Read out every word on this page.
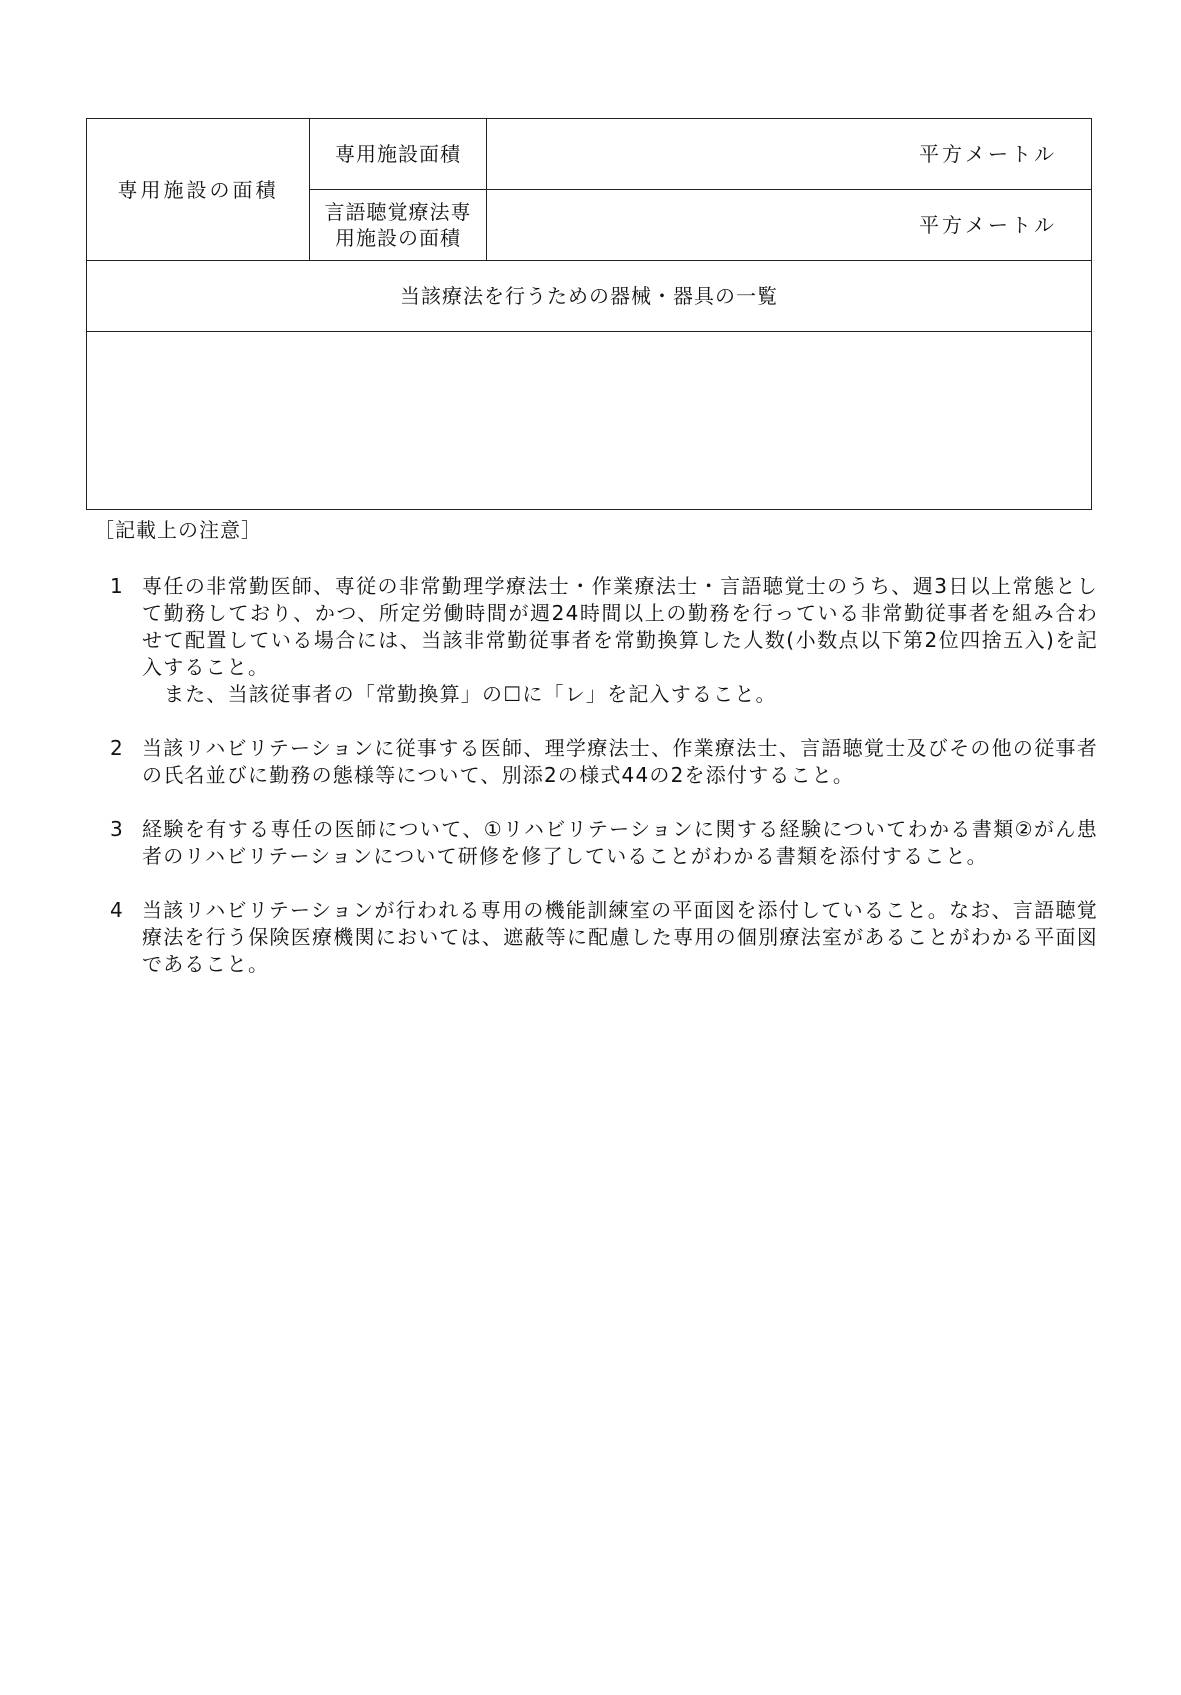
専用施設の面積	専用施設面積	平方メートル

	言語聴覚療法専用施設の面積	平方メートル
当該療法を行うための器械・器具の一覧		

［記載上の注意］
1 専任の非常勤医師、専従の非常勤理学療法士・作業療法士・言語聴覚士のうち、週3日以上常態として勤務しており、かつ、所定労働時間が週24時間以上の勤務を行っている非常勤従事者を組み合わせて配置している場合には、当該非常勤従事者を常勤換算した人数(小数点以下第2位四捨五入)を記入すること。
また、当該従事者の「常勤換算」の☐に「レ」を記入すること。
2 当該リハビリテーションに従事する医師、理学療法士、作業療法士、言語聴覚士及びその他の従事者の氏名並びに勤務の態様等について、別添2の様式44の2を添付すること。
3 経験を有する専任の医師について、①リハビリテーションに関する経験についてわかる書類②がん患者のリハビリテーションについて研修を修了していることがわかる書類を添付すること。
4 当該リハビリテーションが行われる専用の機能訓練室の平面図を添付していること。なお、言語聴覚療法を行う保険医療機関においては、遮蔽等に配慮した専用の個別療法室があることがわかる平面図であること。
